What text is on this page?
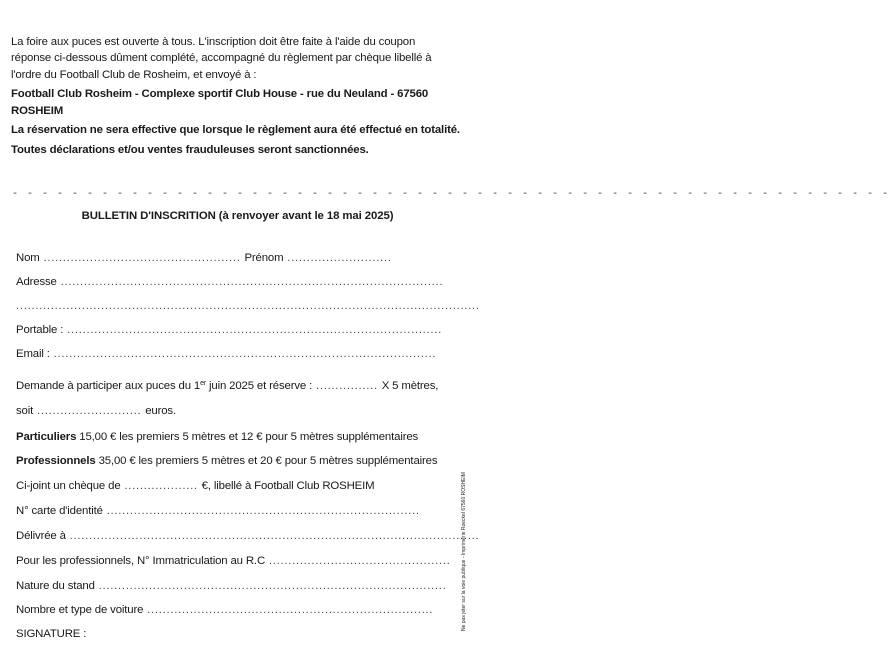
La foire aux puces est ouverte à tous. L'inscription doit être faite à l'aide du coupon

réponse ci-dessous dûment complété, accompagné du règlement par chèque libellé à

l'ordre du Football Club de Rosheim, et envoyé à :

Football Club Rosheim - Complexe sportif Club House - rue du Neuland - 67560 ROSHEIM

La réservation ne sera effective que lorsque le règlement aura été effectué en totalité.

Toutes déclarations et/ou ventes frauduleuses seront sanctionnées.

- - - - - - - - - - - - - - - - - - - - - - - - - - - - - - - - - - - - - - - - - - - - - - - - - - - - - - - - - - -
BULLETIN D'INSCRITION (à renvoyer avant le 18 mai 2025)
Nom ................................................... Prénom ...........................
Adresse ...................................................................................................
........................................................................................................................
Portable : .................................................................................................
Email : ...................................................................................................
Demande à participer aux puces du 1er juin 2025 et réserve : ................ X 5 mètres,
soit ........................... euros.
Particuliers 15,00 € les premiers 5 mètres et 12 € pour 5 mètres supplémentaires
Professionnels 35,00 € les premiers 5 mètres et 20 € pour 5 mètres supplémentaires
Ci-joint un chèque de ................... €, libellé à Football Club ROSHEIM
N° carte d'identité .................................................................................
Délivrée à ..........................................................................................................
Pour les professionnels, N° Immatriculation au R.C ...............................................
Nature du stand ..........................................................................................
Nombre et type de voiture ..........................................................................
SIGNATURE :
Ne pas jeter sur la voie publique - Imprimerie Roeckel 67560 ROSHEIM
